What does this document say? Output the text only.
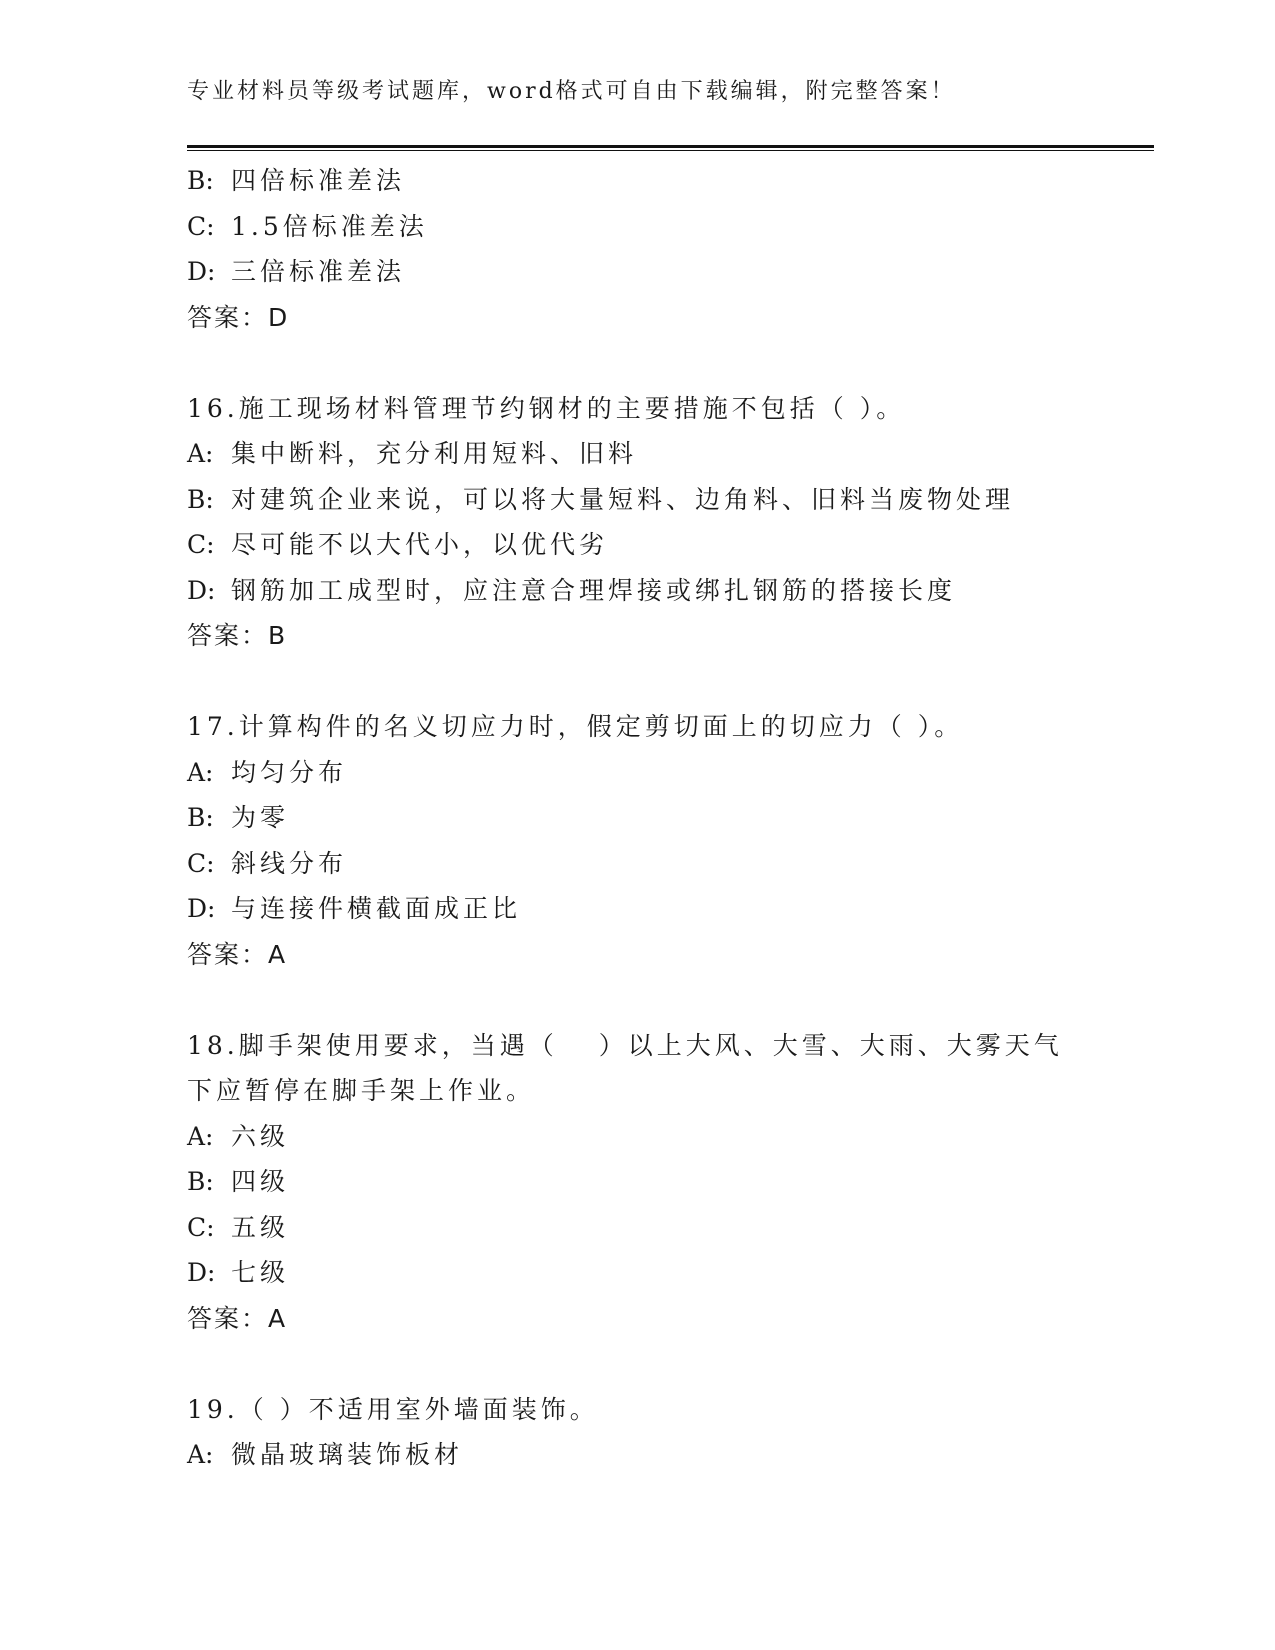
专业材料员等级考试题库，word格式可自由下载编辑，附完整答案！
B: 四倍标准差法
C: 1.5倍标准差法
D: 三倍标准差法
答案：D
16.施工现场材料管理节约钢材的主要措施不包括（ ）。
A: 集中断料，充分利用短料、旧料
B: 对建筑企业来说，可以将大量短料、边角料、旧料当废物处理
C: 尽可能不以大代小，以优代劣
D: 钢筋加工成型时，应注意合理焊接或绑扎钢筋的搭接长度
答案：B
17.计算构件的名义切应力时，假定剪切面上的切应力（ ）。
A: 均匀分布
B: 为零
C: 斜线分布
D: 与连接件横截面成正比
答案：A
18.脚手架使用要求，当遇（　 ）以上大风、大雪、大雨、大雾天气
下应暂停在脚手架上作业。
A: 六级
B: 四级
C: 五级
D: 七级
答案：A
19.（ ）不适用室外墙面装饰。
A: 微晶玻璃装饰板材
